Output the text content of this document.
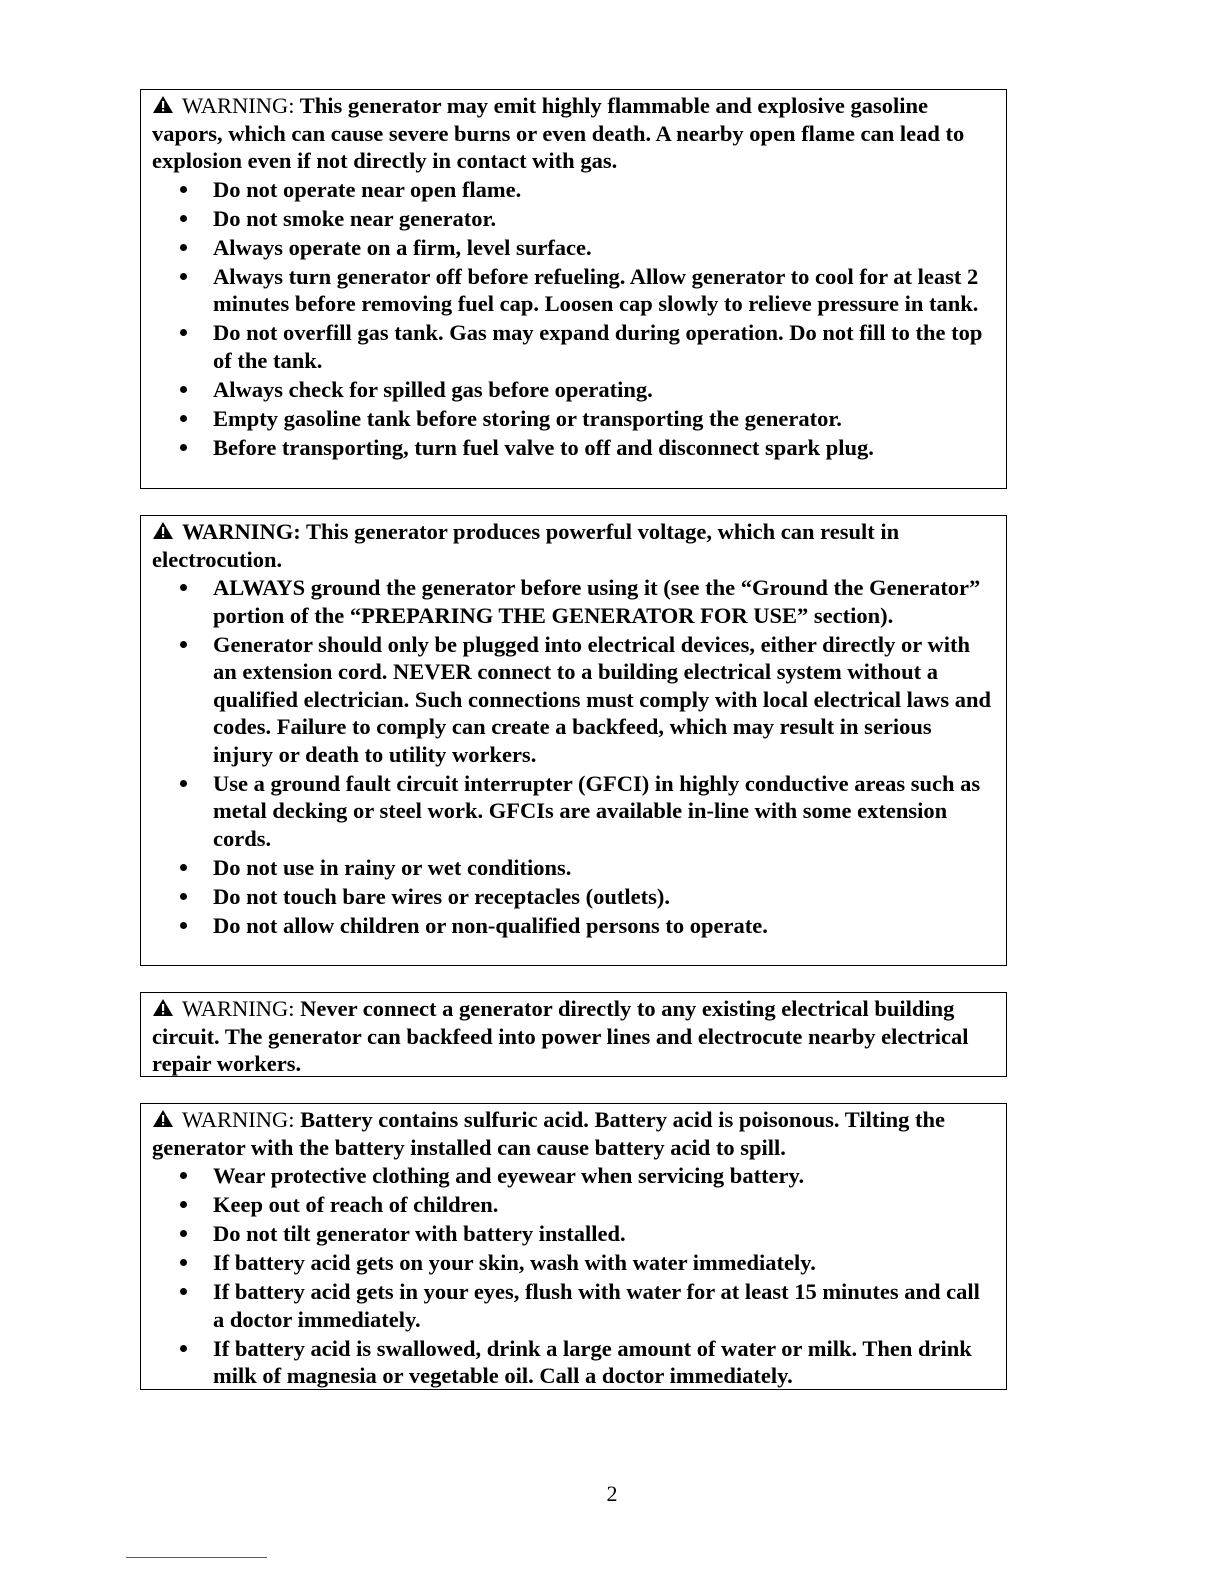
WARNING: This generator may emit highly flammable and explosive gasoline vapors, which can cause severe burns or even death. A nearby open flame can lead to explosion even if not directly in contact with gas.

Do not operate near open flame.
Do not smoke near generator.
Always operate on a firm, level surface.
Always turn generator off before refueling. Allow generator to cool for at least 2 minutes before removing fuel cap. Loosen cap slowly to relieve pressure in tank.
Do not overfill gas tank. Gas may expand during operation. Do not fill to the top of the tank.
Always check for spilled gas before operating.
Empty gasoline tank before storing or transporting the generator.
Before transporting, turn fuel valve to off and disconnect spark plug.

WARNING: This generator produces powerful voltage, which can result in electrocution.

ALWAYS ground the generator before using it (see the “Ground the Generator” portion of the “PREPARING THE GENERATOR FOR USE” section).
Generator should only be plugged into electrical devices, either directly or with an extension cord. NEVER connect to a building electrical system without a qualified electrician. Such connections must comply with local electrical laws and codes. Failure to comply can create a backfeed, which may result in serious injury or death to utility workers.
Use a ground fault circuit interrupter (GFCI) in highly conductive areas such as metal decking or steel work. GFCIs are available in-line with some extension cords.
Do not use in rainy or wet conditions.
Do not touch bare wires or receptacles (outlets).
Do not allow children or non-qualified persons to operate.

WARNING: Never connect a generator directly to any existing electrical building circuit. The generator can backfeed into power lines and electrocute nearby electrical repair workers.

WARNING: Battery contains sulfuric acid. Battery acid is poisonous. Tilting the generator with the battery installed can cause battery acid to spill.

Wear protective clothing and eyewear when servicing battery.
Keep out of reach of children.
Do not tilt generator with battery installed.
If battery acid gets on your skin, wash with water immediately.
If battery acid gets in your eyes, flush with water for at least 15 minutes and call a doctor immediately.
If battery acid is swallowed, drink a large amount of water or milk. Then drink milk of magnesia or vegetable oil. Call a doctor immediately.
2
